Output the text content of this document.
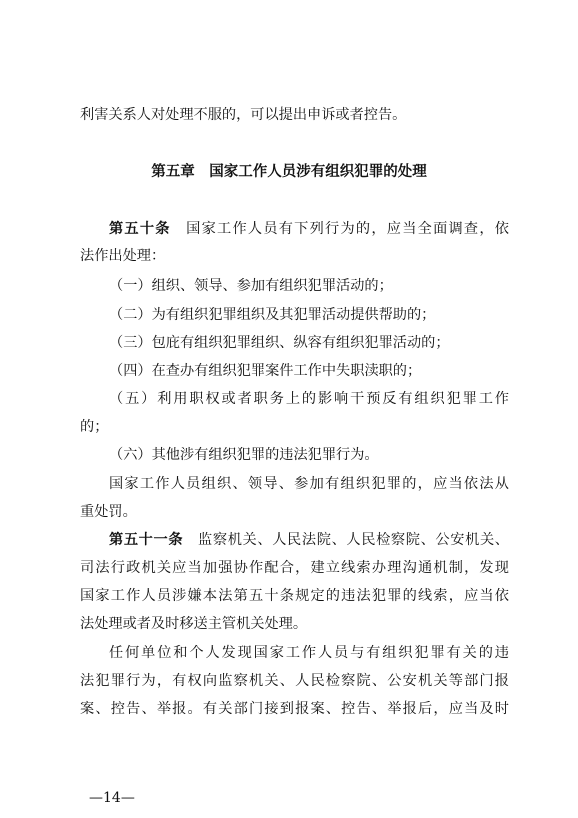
利害关系人对处理不服的，可以提出申诉或者控告。
第五章　国家工作人员涉有组织犯罪的处理
第五十条　 国家工作人员有下列行为的，应当全面调查，依
法作出处理：
（一）组织、领导、参加有组织犯罪活动的；
（二）为有组织犯罪组织及其犯罪活动提供帮助的；
（三）包庇有组织犯罪组织、纵容有组织犯罪活动的；
（四）在查办有组织犯罪案件工作中失职渎职的；
（五）利用职权或者职务上的影响干预反有组织犯罪工作
的；
（六）其他涉有组织犯罪的违法犯罪行为。
国家工作人员组织、领导、参加有组织犯罪的，应当依法从
重处罚。
第五十一条　 监察机关、人民法院、人民检察院、公安机关、
司法行政机关应当加强协作配合，建立线索办理沟通机制，发现
国家工作人员涉嫌本法第五十条规定的违法犯罪的线索，应当依
法处理或者及时移送主管机关处理。
任何单位和个人发现国家工作人员与有组织犯罪有关的违
法犯罪行为，有权向监察机关、人民检察院、公安机关等部门报
案、控告、举报。有关部门接到报案、控告、举报后，应当及时
—14—
